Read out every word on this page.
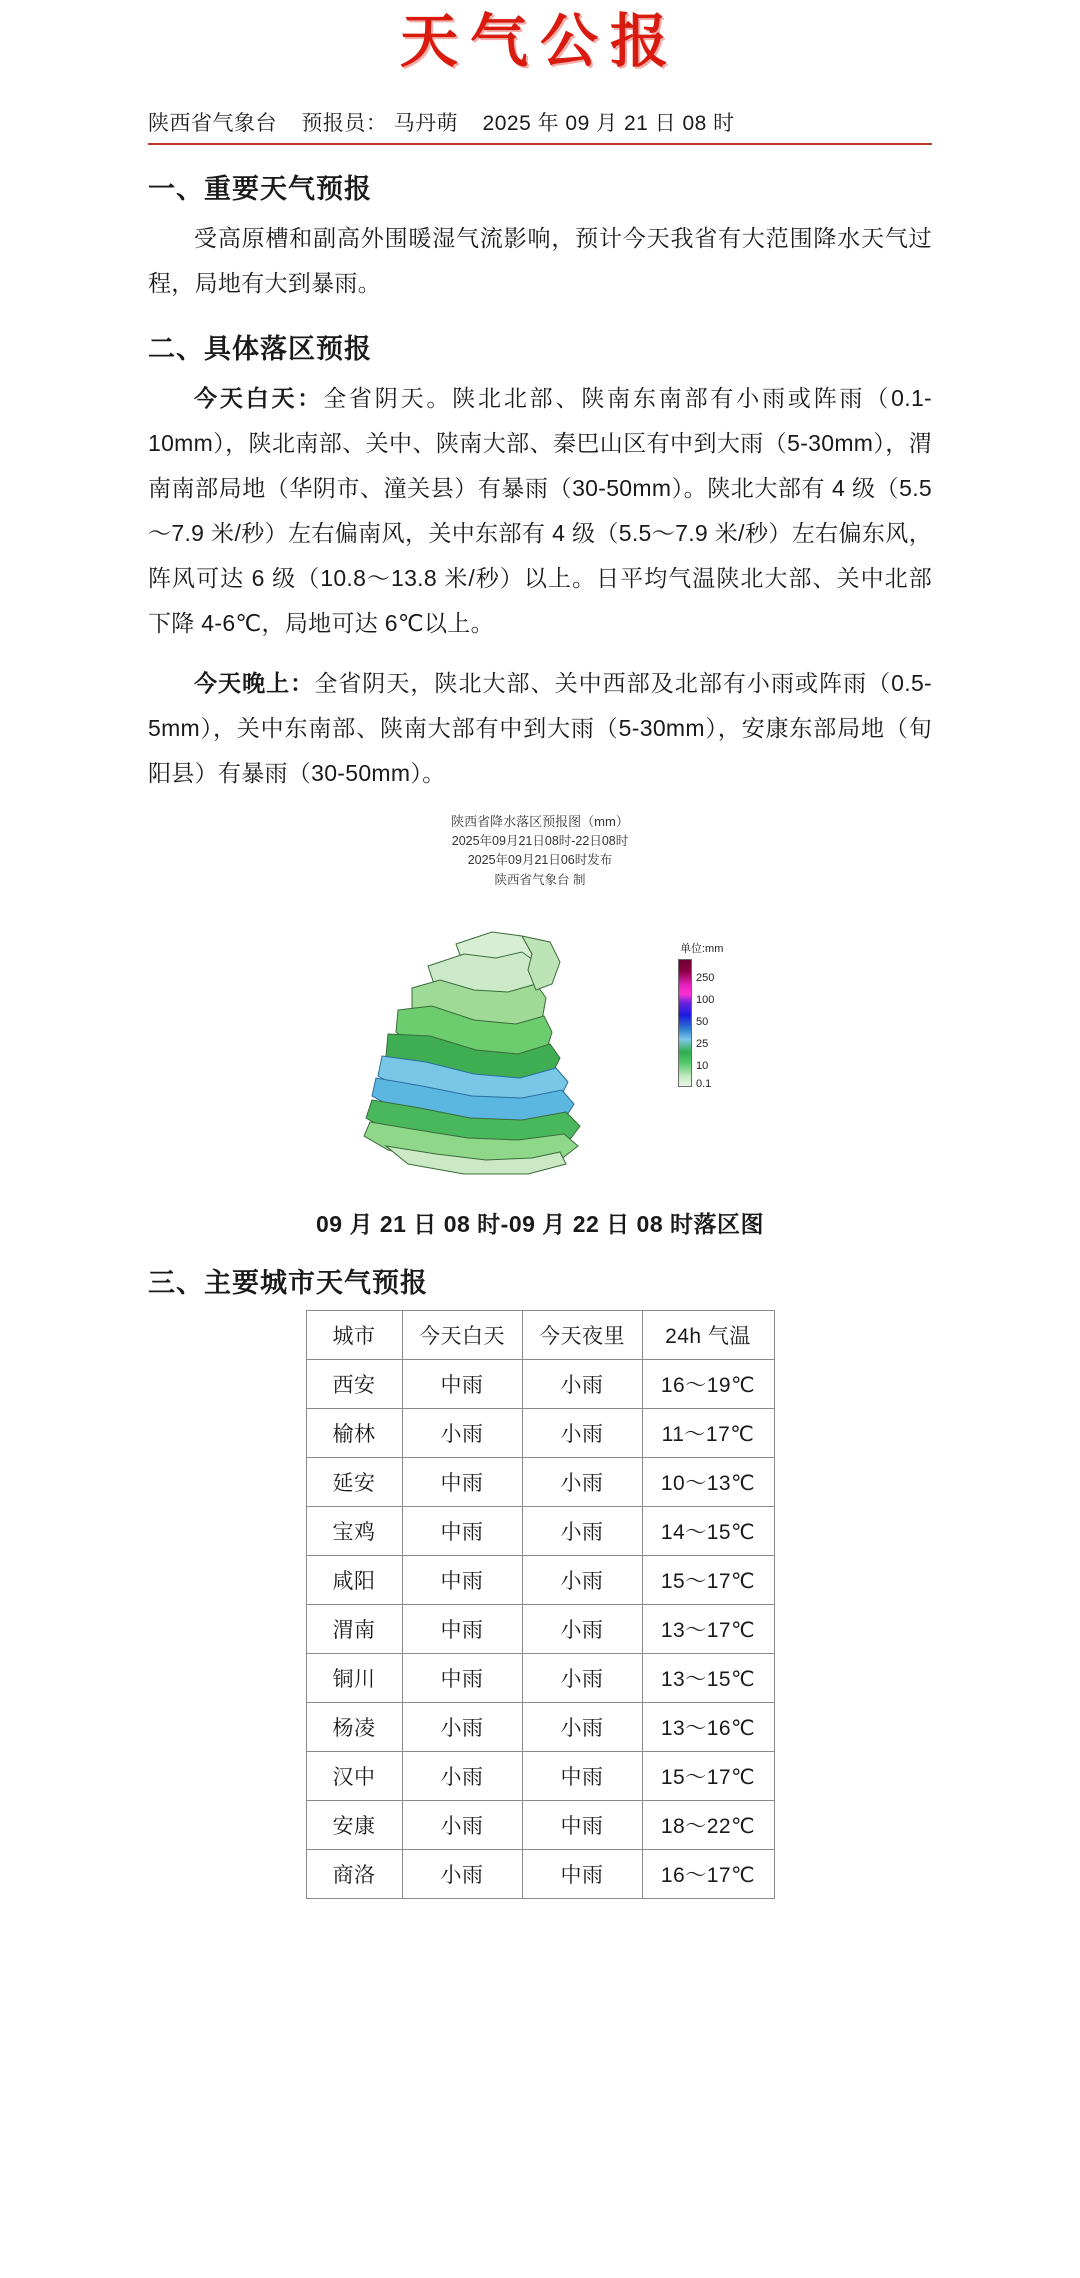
天气公报
陕西省气象台 预报员： 马丹萌 2025 年 09 月 21 日 08 时
一、重要天气预报

受高原槽和副高外围暖湿气流影响，预计今天我省有大范围降水天气过程，局地有大到暴雨。

二、具体落区预报

今天白天：全省阴天。陕北北部、陕南东南部有小雨或阵雨（0.1-10mm），陕北南部、关中、陕南大部、秦巴山区有中到大雨（5-30mm），渭南南部局地（华阴市、潼关县）有暴雨（30-50mm）。陕北大部有 4 级（5.5～7.9 米/秒）左右偏南风，关中东部有 4 级（5.5～7.9 米/秒）左右偏东风，阵风可达 6 级（10.8～13.8 米/秒）以上。日平均气温陕北大部、关中北部下降 4-6℃，局地可达 6℃以上。

今天晚上：全省阴天，陕北大部、关中西部及北部有小雨或阵雨（0.5-5mm），关中东南部、陕南大部有中到大雨（5-30mm），安康东部局地（旬阳县）有暴雨（30-50mm）。

陕西省降水落区预报图（mm）
2025年09月21日08时-22日08时
2025年09月21日06时发布
陕西省气象台 制
单位:mm
250
100
50
25
10
0.1
09 月 21 日 08 时-09 月 22 日 08 时落区图
三、主要城市天气预报
城市	今天白天	今天夜里	24h 气温
西安	中雨	小雨	16～19℃
榆林	小雨	小雨	11～17℃
延安	中雨	小雨	10～13℃
宝鸡	中雨	小雨	14～15℃
咸阳	中雨	小雨	15～17℃
渭南	中雨	小雨	13～17℃
铜川	中雨	小雨	13～15℃
杨凌	小雨	小雨	13～16℃
汉中	小雨	中雨	15～17℃
安康	小雨	中雨	18～22℃
商洛	小雨	中雨	16～17℃
